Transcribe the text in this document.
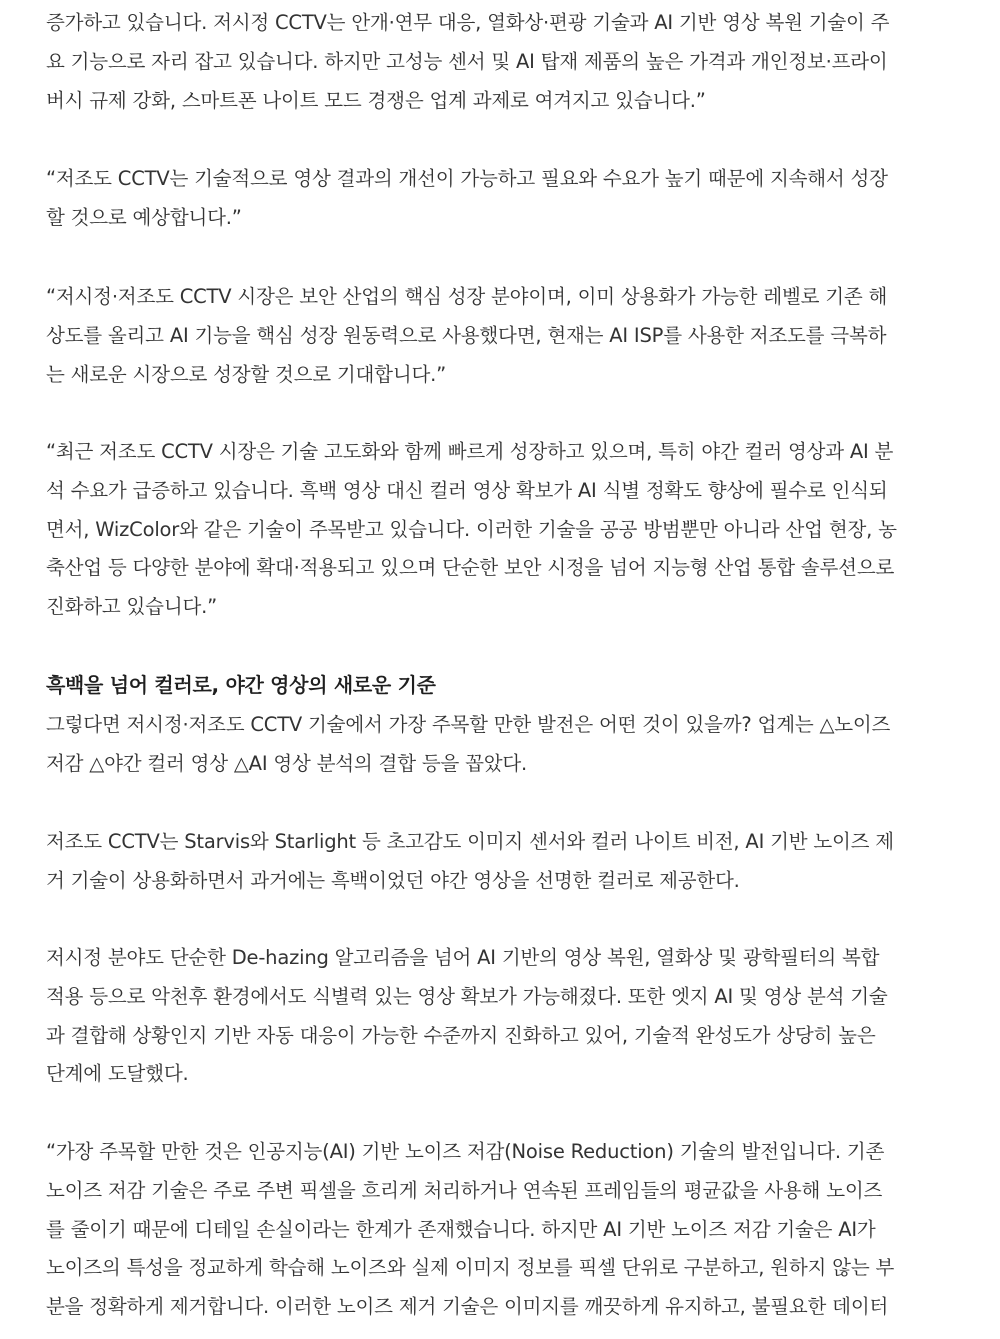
증가하고 있습니다. 저시정 CCTV는 안개·연무 대응, 열화상·편광 기술과 AI 기반 영상 복원 기술이 주
요 기능으로 자리 잡고 있습니다. 하지만 고성능 센서 및 AI 탑재 제품의 높은 가격과 개인정보·프라이
버시 규제 강화, 스마트폰 나이트 모드 경쟁은 업계 과제로 여겨지고 있습니다.”

“저조도 CCTV는 기술적으로 영상 결과의 개선이 가능하고 필요와 수요가 높기 때문에 지속해서 성장
할 것으로 예상합니다.”

“저시정·저조도 CCTV 시장은 보안 산업의 핵심 성장 분야이며, 이미 상용화가 가능한 레벨로 기존 해
상도를 올리고 AI 기능을 핵심 성장 원동력으로 사용했다면, 현재는 AI ISP를 사용한 저조도를 극복하
는 새로운 시장으로 성장할 것으로 기대합니다.”

“최근 저조도 CCTV 시장은 기술 고도화와 함께 빠르게 성장하고 있으며, 특히 야간 컬러 영상과 AI 분
석 수요가 급증하고 있습니다. 흑백 영상 대신 컬러 영상 확보가 AI 식별 정확도 향상에 필수로 인식되
면서, WizColor와 같은 기술이 주목받고 있습니다. 이러한 기술을 공공 방범뿐만 아니라 산업 현장, 농
축산업 등 다양한 분야에 확대·적용되고 있으며 단순한 보안 시정을 넘어 지능형 산업 통합 솔루션으로
진화하고 있습니다.”

흑백을 넘어 컬러로, 야간 영상의 새로운 기준

그렇다면 저시정·저조도 CCTV 기술에서 가장 주목할 만한 발전은 어떤 것이 있을까? 업계는 △노이즈
저감 △야간 컬러 영상 △AI 영상 분석의 결합 등을 꼽았다.

저조도 CCTV는 Starvis와 Starlight 등 초고감도 이미지 센서와 컬러 나이트 비전, AI 기반 노이즈 제
거 기술이 상용화하면서 과거에는 흑백이었던 야간 영상을 선명한 컬러로 제공한다.

저시정 분야도 단순한 De-hazing 알고리즘을 넘어 AI 기반의 영상 복원, 열화상 및 광학필터의 복합
적용 등으로 악천후 환경에서도 식별력 있는 영상 확보가 가능해졌다. 또한 엣지 AI 및 영상 분석 기술
과 결합해 상황인지 기반 자동 대응이 가능한 수준까지 진화하고 있어, 기술적 완성도가 상당히 높은
단계에 도달했다.

“가장 주목할 만한 것은 인공지능(AI) 기반 노이즈 저감(Noise Reduction) 기술의 발전입니다. 기존
노이즈 저감 기술은 주로 주변 픽셀을 흐리게 처리하거나 연속된 프레임들의 평균값을 사용해 노이즈
를 줄이기 때문에 디테일 손실이라는 한계가 존재했습니다. 하지만 AI 기반 노이즈 저감 기술은 AI가
노이즈의 특성을 정교하게 학습해 노이즈와 실제 이미지 정보를 픽셀 단위로 구분하고, 원하지 않는 부
분을 정확하게 제거합니다. 이러한 노이즈 제거 기술은 이미지를 깨끗하게 유지하고, 불필요한 데이터
